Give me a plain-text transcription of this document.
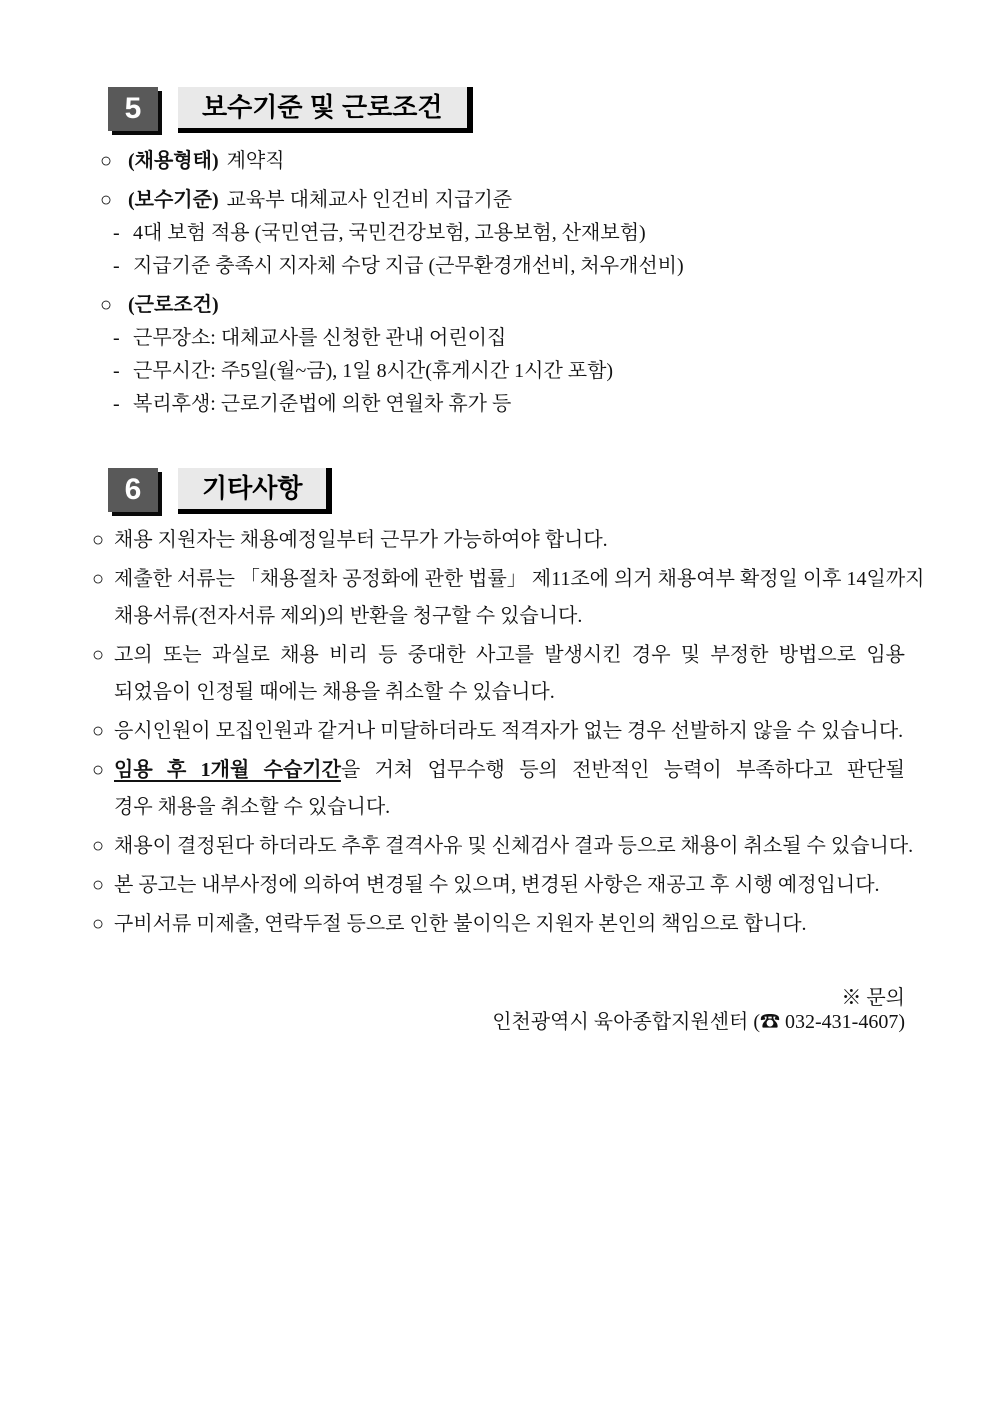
5	보수기준 및 근로조건
○ (채용형태) 계약직
○ (보수기준) 교육부 대체교사 인건비 지급기준
- 4대 보험 적용 (국민연금, 국민건강보험, 고용보험, 산재보험)
- 지급기준 충족시 지자체 수당 지급 (근무환경개선비, 처우개선비)
○ (근로조건)
- 근무장소: 대체교사를 신청한 관내 어린이집
- 근무시간: 주5일(월~금), 1일 8시간(휴게시간 1시간 포함)
- 복리후생: 근로기준법에 의한 연월차 휴가 등
6	기타사항
○ 채용 지원자는 채용예정일부터 근무가 가능하여야 합니다.
○ 제출한 서류는 「채용절차 공정화에 관한 법률」 제11조에 의거 채용여부 확정일 이후 14일까지
채용서류(전자서류 제외)의 반환을 청구할 수 있습니다.
○ 고의 또는 과실로 채용 비리 등 중대한 사고를 발생시킨 경우 및 부정한 방법으로 임용
되었음이 인정될 때에는 채용을 취소할 수 있습니다.
○ 응시인원이 모집인원과 같거나 미달하더라도 적격자가 없는 경우 선발하지 않을 수 있습니다.
○ 임용 후 1개월 수습기간을 거쳐 업무수행 등의 전반적인 능력이 부족하다고 판단될
경우 채용을 취소할 수 있습니다.
○ 채용이 결정된다 하더라도 추후 결격사유 및 신체검사 결과 등으로 채용이 취소될 수 있습니다.
○ 본 공고는 내부사정에 의하여 변경될 수 있으며, 변경된 사항은 재공고 후 시행 예정입니다.
○ 구비서류 미제출, 연락두절 등으로 인한 불이익은 지원자 본인의 책임으로 합니다.
※ 문의
인천광역시 육아종합지원센터 (☎ 032-431-4607)
